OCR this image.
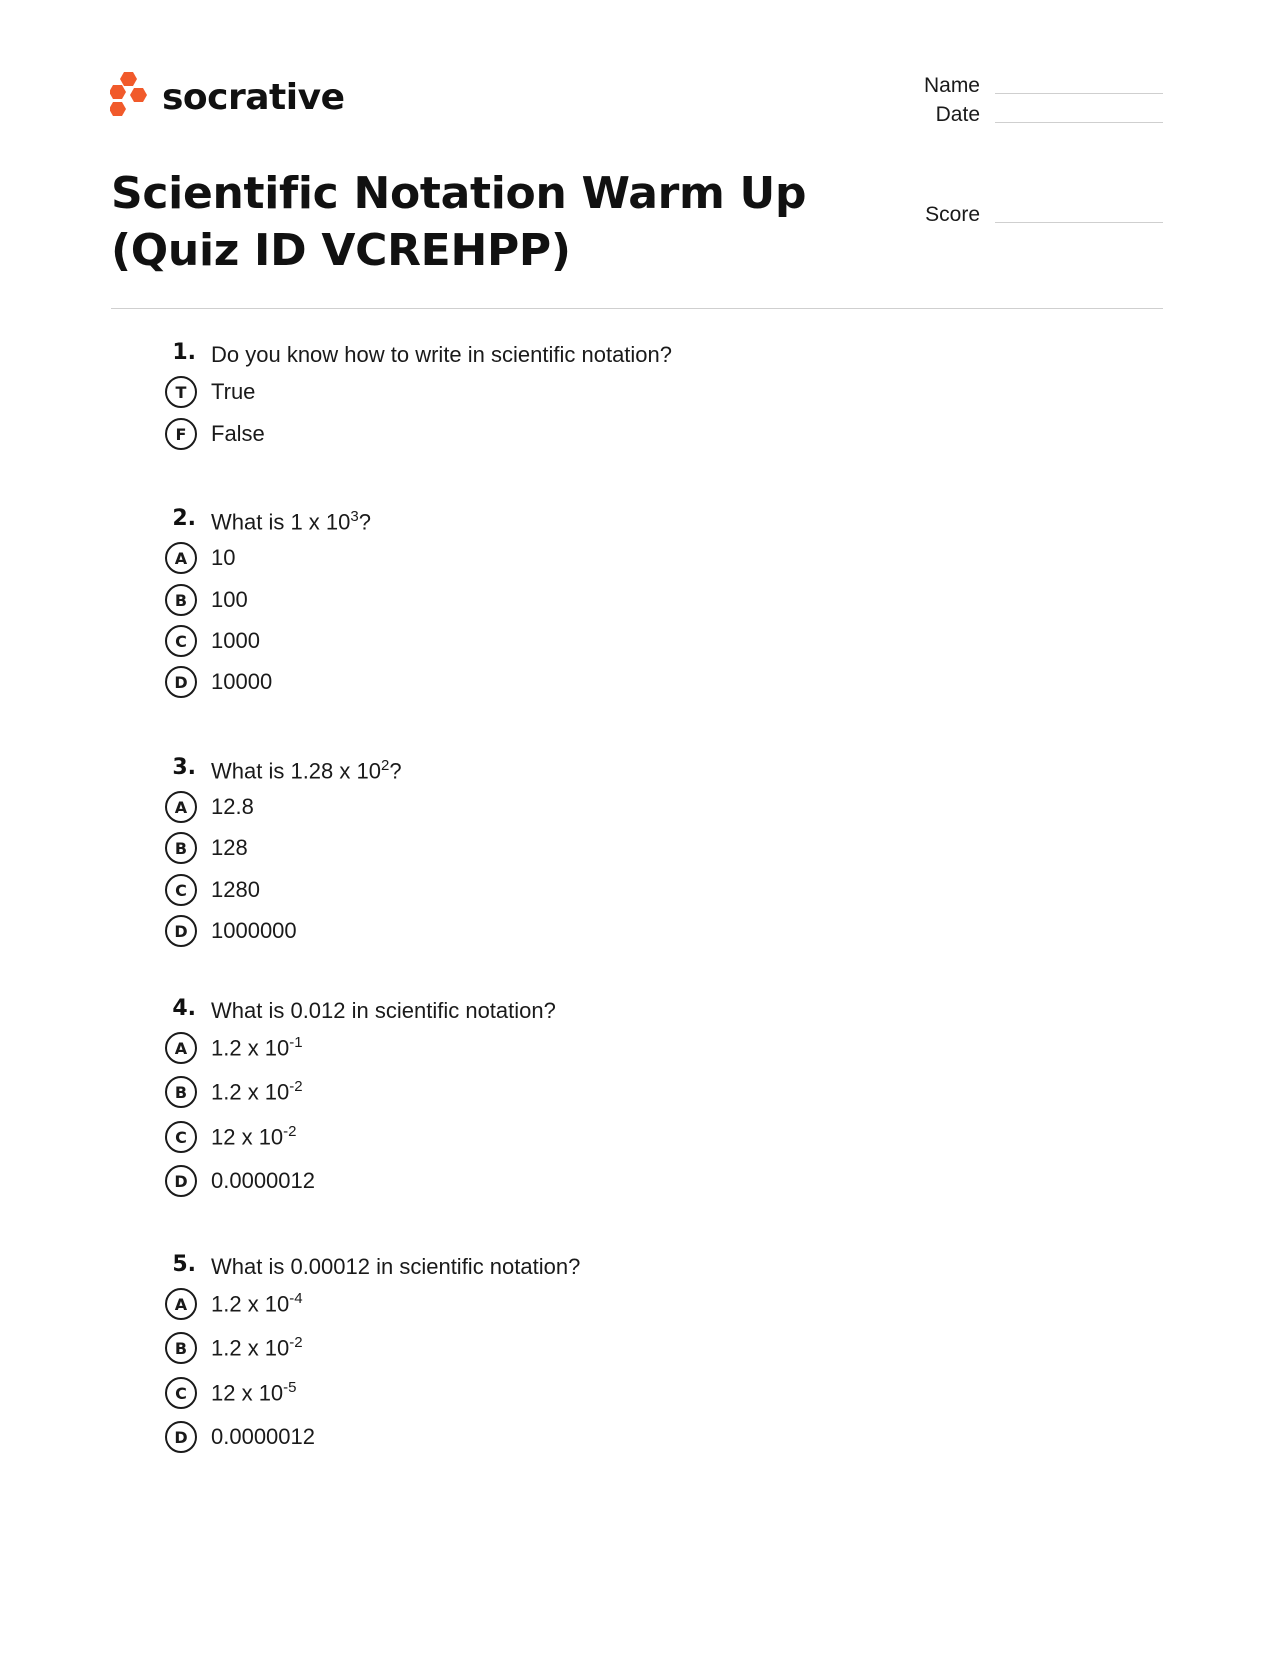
socrative	Name
Date
Score
Scientific Notation Warm Up
(Quiz ID VCREHPP)
1. Do you know how to write in scientific notation?
T	True
F	False
2. What is 1 x $10^3$?
A	10
B	100
C	1000
D	10000
3. What is 1.28 x $10^2$?
A	12.8
B	128
C	1280
D	1000000
4. What is 0.012 in scientific notation?
A	1.2 x $10^{-1}$
B	1.2 x $10^{-2}$
C	12 x $10^{-2}$
D	0.0000012
5. What is 0.00012 in scientific notation?
A	1.2 x $10^{-4}$
B	1.2 x $10^{-2}$
C	12 x $10^{-5}$
D	0.0000012
